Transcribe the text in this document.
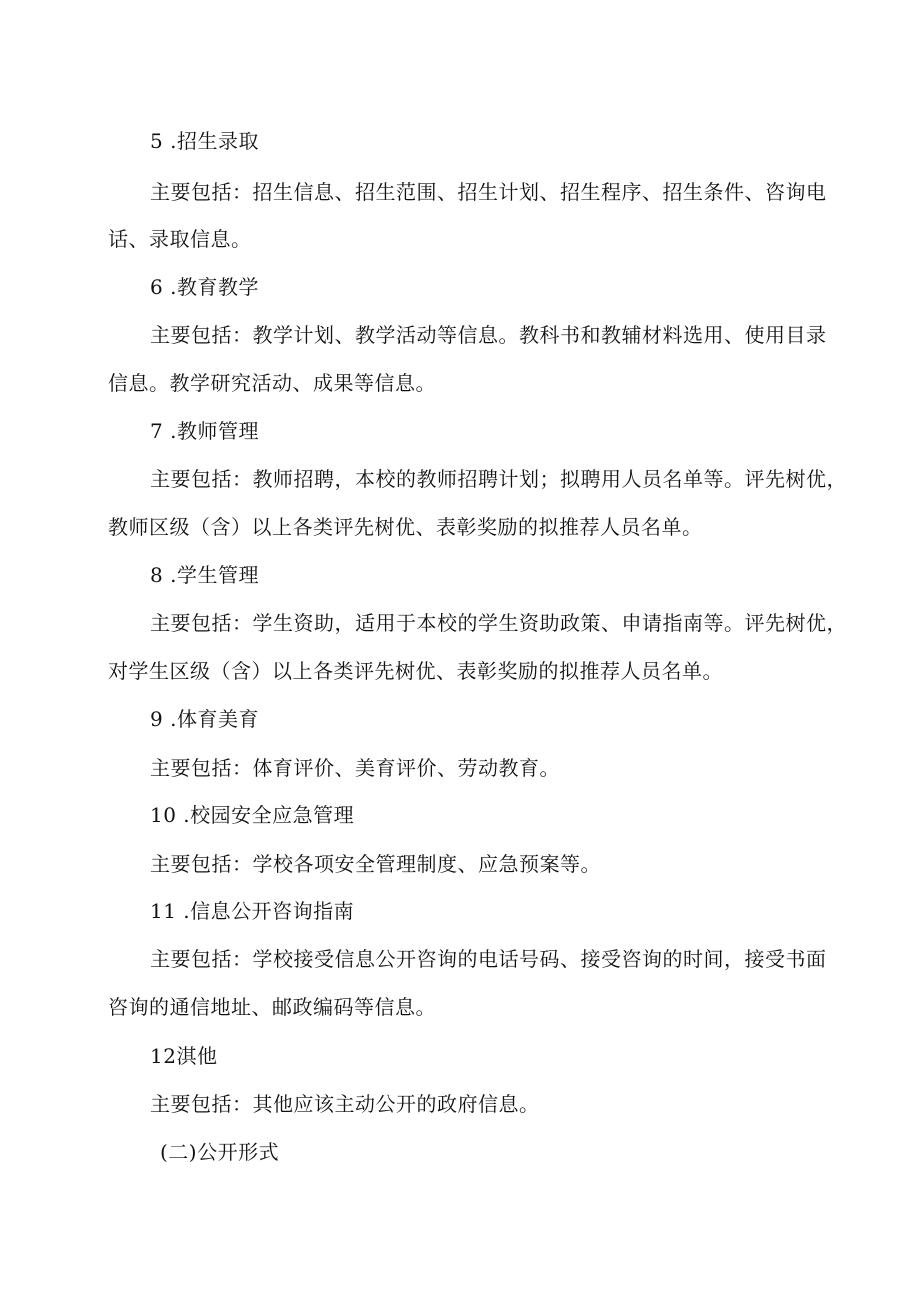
5 .招生录取
主要包括：招生信息、招生范围、招生计划、招生程序、招生条件、咨询电
话、录取信息。
6 .教育教学
主要包括：教学计划、教学活动等信息。教科书和教辅材料选用、使用目录
信息。教学研究活动、成果等信息。
7 .教师管理
主要包括：教师招聘，本校的教师招聘计划；拟聘用人员名单等。评先树优，
教师区级（含）以上各类评先树优、表彰奖励的拟推荐人员名单。
8 .学生管理
主要包括：学生资助，适用于本校的学生资助政策、申请指南等。评先树优，
对学生区级（含）以上各类评先树优、表彰奖励的拟推荐人员名单。
9 .体育美育
主要包括：体育评价、美育评价、劳动教育。
10 .校园安全应急管理
主要包括：学校各项安全管理制度、应急预案等。
11 .信息公开咨询指南
主要包括：学校接受信息公开咨询的电话号码、接受咨询的时间，接受书面
咨询的通信地址、邮政编码等信息。
12淇他
主要包括：其他应该主动公开的政府信息。
(二)公开形式
